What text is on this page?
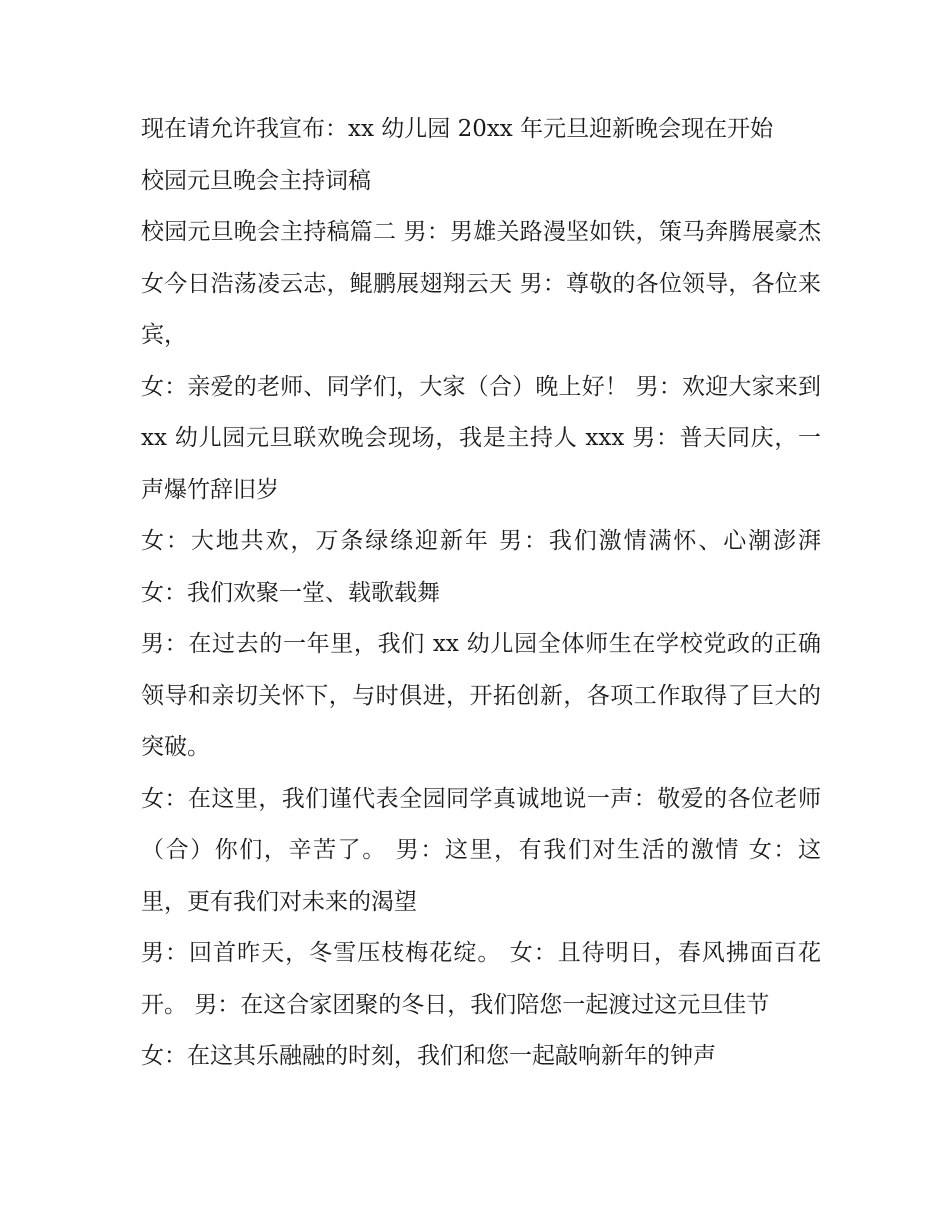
现在请允许我宣布：xx 幼儿园 20xx 年元旦迎新晚会现在开始

校园元旦晚会主持词稿

校园元旦晚会主持稿篇二 男：男雄关路漫坚如铁，策马奔腾展豪杰 女今日浩荡凌云志，鲲鹏展翅翔云天 男：尊敬的各位领导，各位来宾，

女：亲爱的老师、同学们，大家（合）晚上好！ 男：欢迎大家来到 xx 幼儿园元旦联欢晚会现场，我是主持人 xxx 男：普天同庆，一声爆竹辞旧岁

女：大地共欢，万条绿绦迎新年 男：我们激情满怀、心潮澎湃 女：我们欢聚一堂、载歌载舞

男：在过去的一年里，我们 xx 幼儿园全体师生在学校党政的正确领导和亲切关怀下，与时俱进，开拓创新，各项工作取得了巨大的突破。

女：在这里，我们谨代表全园同学真诚地说一声：敬爱的各位老师（合）你们，辛苦了。 男：这里，有我们对生活的激情 女：这里，更有我们对未来的渴望

男：回首昨天，冬雪压枝梅花绽。 女：且待明日，春风拂面百花开。 男：在这合家团聚的冬日，我们陪您一起渡过这元旦佳节

女：在这其乐融融的时刻，我们和您一起敲响新年的钟声
